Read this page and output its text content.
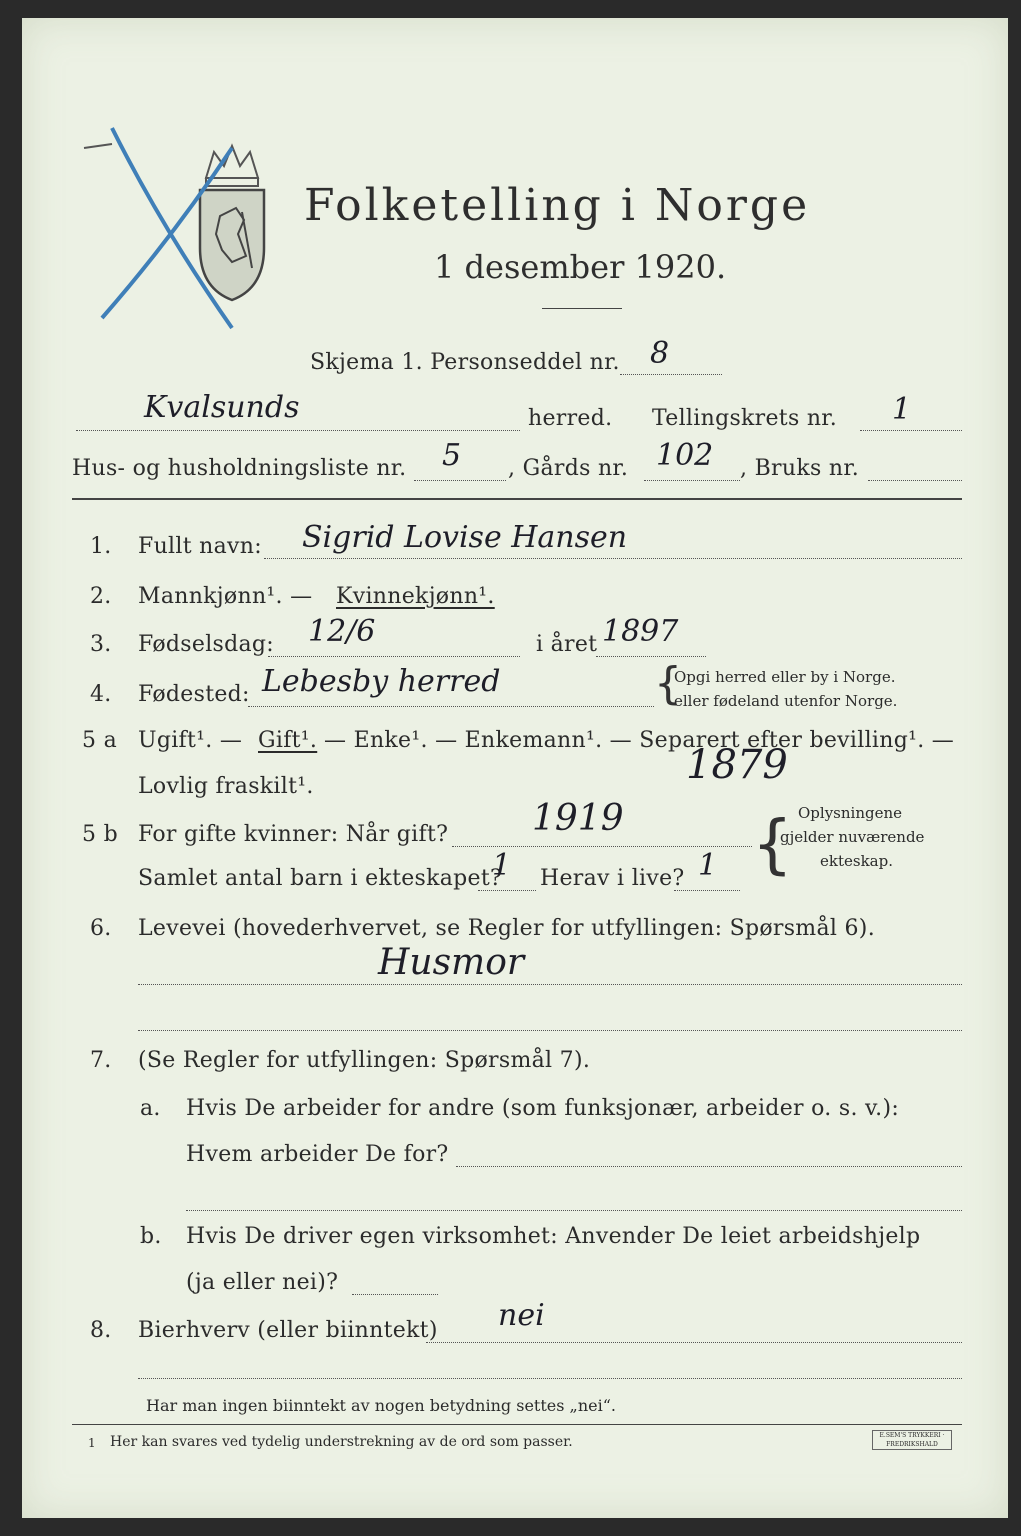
Folketelling i Norge
1 desember 1920.
Skjema 1. Personseddel nr. 8
Kvalsunds	herred. Tellingskrets nr. 1
Hus- og husholdningsliste nr. 5 , Gårds nr. 102 , Bruks nr.
1. Fullt navn: Sigrid Lovise Hansen
2. Mannkjønn¹. — Kvinnekjønn¹.
3. Fødselsdag: 12/6	i året 1897
4. Fødested: Lebesby herred	{
Opgi herred eller by i Norge.
eller fødeland utenfor Norge.
5 a Ugift¹. — Gift¹. — Enke¹. — Enkemann¹. — Separert efter bevilling¹. —
Lovlig fraskilt¹.	1879
5 b For gifte kvinner: Når gift? 1919
Samlet antal barn i ekteskapet?
1 Herav i live? 1 { Oplysningene
gjelder nuværende
ekteskap.
6. Levevei (hovederhvervet, se Regler for utfyllingen: Spørsmål 6).
Husmor
7. (Se Regler for utfyllingen: Spørsmål 7).
a. Hvis De arbeider for andre (som funksjonær, arbeider o. s. v.):
Hvem arbeider De for?
b. Hvis De driver egen virksomhet: Anvender De leiet arbeidshjelp
(ja eller nei)?
8. Bierhverv (eller biinntekt) nei
Har man ingen biinntekt av nogen betydning settes „nei“.
1 Her kan svares ved tydelig understrekning av de ord som passer.	E.SEM'S TRYKKERI · FREDRIKSHALD
